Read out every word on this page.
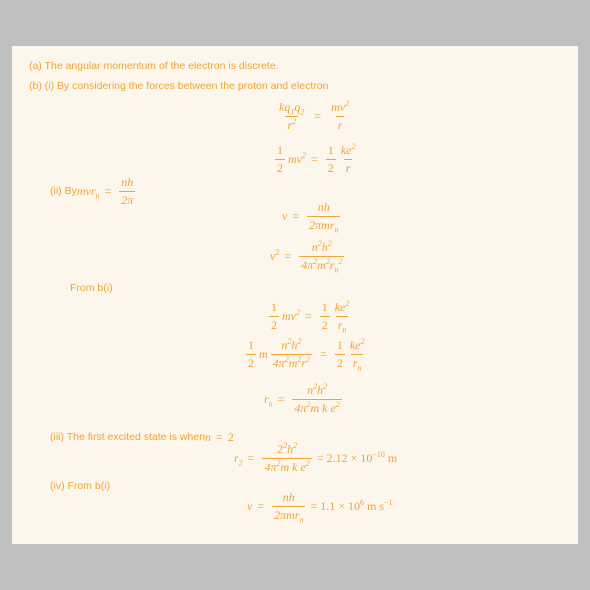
(a) The angular momentum of the electron is discrete.
(b) (i) By considering the forces between the proton and electron
$\frac{kq_1q_2}{r^2} = \frac{mv^2}{r}$
$\frac{1}{2} mv^2 = \frac{1}{2} \frac{ke^2}{r}$
(ii) By $mvr_n = \frac{nh}{2\pi}$
$v = \frac{nh}{2\pi mr_n}$
$v^2 = \frac{n^2h^2}{4\pi^2m^2r_n^2}$
From b(i)
$\frac{1}{2} mv^2 = \frac{1}{2} \frac{ke^2}{r_n}$
$\frac{1}{2}$ m $\frac{n^2h^2}{4\pi^2m^2r^2} = \frac{1}{2} \frac{ke^2}{r_n}$
$r_n = \frac{n^2h^2}{4\pi^2m k e^2}$
(iii) The first excited state is when n = 2
$r_2 = \frac{2^2h^2}{4\pi^2m k e^2} = 2.12 \times 10^{-10}$ m
(iv) From b(i)
$v = \frac{nh}{2\pi mr_n} = 1.1 \times 10^6$ m $s^{-1}$
